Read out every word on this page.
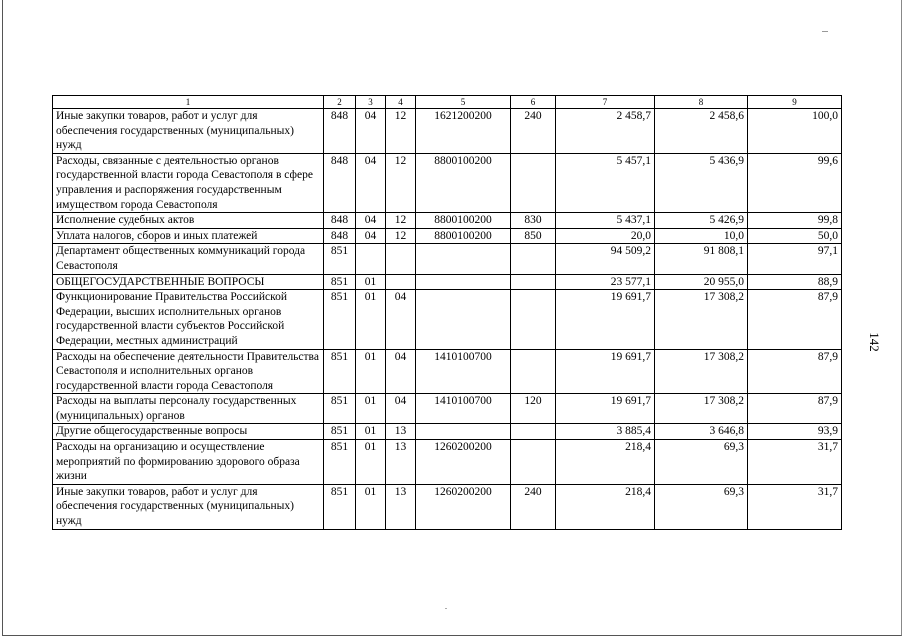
1	2	3	4	5	6	7	8	9
Иные закупки товаров, работ и услуг для обеспечения государственных (муниципальных) нужд	848	04	12	1621200200	240	2 458,7	2 458,6	100,0
Расходы, связанные с деятельностью органов государственной власти города Севастополя в сфере управления и распоряжения государственным имуществом города Севастополя	848	04	12	8800100200		5 457,1	5 436,9	99,6
Исполнение судебных актов	848	04	12	8800100200	830	5 437,1	5 426,9	99,8
Уплата налогов, сборов и иных платежей	848	04	12	8800100200	850	20,0	10,0	50,0
Департамент общественных коммуникаций города Севастополя	851					94 509,2	91 808,1	97,1
ОБЩЕГОСУДАРСТВЕННЫЕ ВОПРОСЫ	851	01				23 577,1	20 955,0	88,9
Функционирование Правительства Российской Федерации, высших исполнительных органов государственной власти субъектов Российской Федерации, местных администраций	851	01	04			19 691,7	17 308,2	87,9
Расходы на обеспечение деятельности Правительства Севастополя и исполнительных органов государственной власти города Севастополя	851	01	04	1410100700		19 691,7	17 308,2	87,9
Расходы на выплаты персоналу государственных (муниципальных) органов	851	01	04	1410100700	120	19 691,7	17 308,2	87,9
Другие общегосударственные вопросы	851	01	13			3 885,4	3 646,8	93,9
Расходы на организацию и осуществление мероприятий по формированию здорового образа жизни	851	01	13	1260200200		218,4	69,3	31,7
Иные закупки товаров, работ и услуг для обеспечения государственных (муниципальных) нужд	851	01	13	1260200200	240	218,4	69,3	31,7
142
